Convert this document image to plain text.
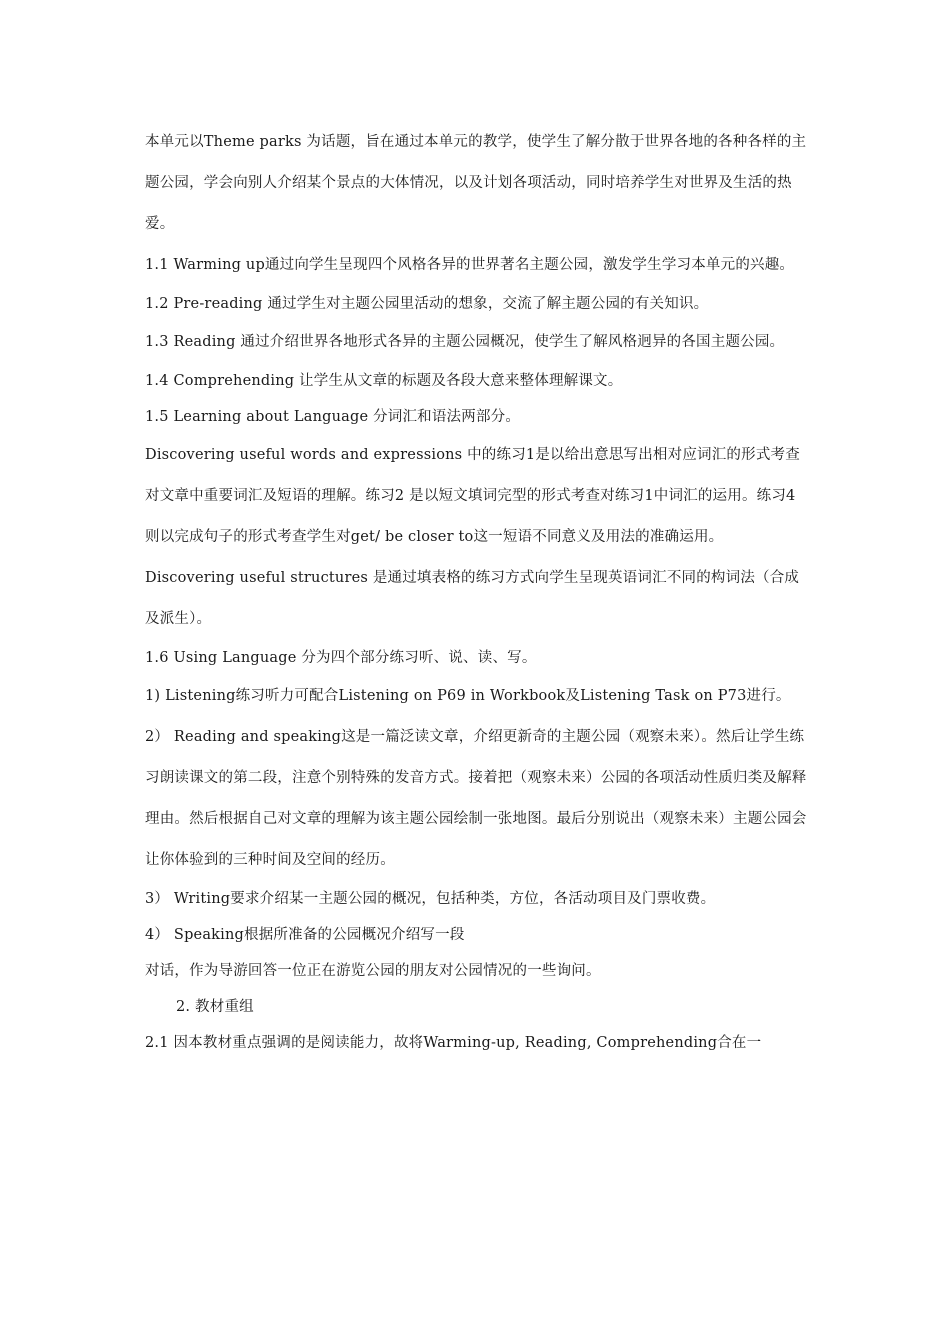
本单元以Theme parks 为话题，旨在通过本单元的教学，使学生了解分散于世界各地的各种各样的主题公园，学会向别人介绍某个景点的大体情况，以及计划各项活动，同时培养学生对世界及生活的热爱。

1.1 Warming up通过向学生呈现四个风格各异的世界著名主题公园，激发学生学习本单元的兴趣。

1.2 Pre-reading 通过学生对主题公园里活动的想象，交流了解主题公园的有关知识。

1.3 Reading 通过介绍世界各地形式各异的主题公园概况，使学生了解风格迥异的各国主题公园。

1.4 Comprehending 让学生从文章的标题及各段大意来整体理解课文。

1.5 Learning about Language 分词汇和语法两部分。

Discovering useful words and expressions 中的练习1是以给出意思写出相对应词汇的形式考查对文章中重要词汇及短语的理解。练习2 是以短文填词完型的形式考查对练习1中词汇的运用。练习4则以完成句子的形式考查学生对get/ be closer to这一短语不同意义及用法的准确运用。

Discovering useful structures 是通过填表格的练习方式向学生呈现英语词汇不同的构词法（合成及派生）。

1.6 Using Language 分为四个部分练习听、说、读、写。

1) Listening练习听力可配合Listening on P69 in Workbook及Listening Task on P73进行。

2） Reading and speaking这是一篇泛读文章，介绍更新奇的主题公园（观察未来）。然后让学生练习朗读课文的第二段，注意个别特殊的发音方式。接着把（观察未来）公园的各项活动性质归类及解释理由。然后根据自己对文章的理解为该主题公园绘制一张地图。最后分别说出（观察未来）主题公园会让你体验到的三种时间及空间的经历。

3） Writing要求介绍某一主题公园的概况，包括种类，方位，各活动项目及门票收费。

4） Speaking根据所准备的公园概况介绍写一段

对话，作为导游回答一位正在游览公园的朋友对公园情况的一些询问。

2. 教材重组

2.1 因本教材重点强调的是阅读能力，故将Warming-up, Reading, Comprehending合在一
